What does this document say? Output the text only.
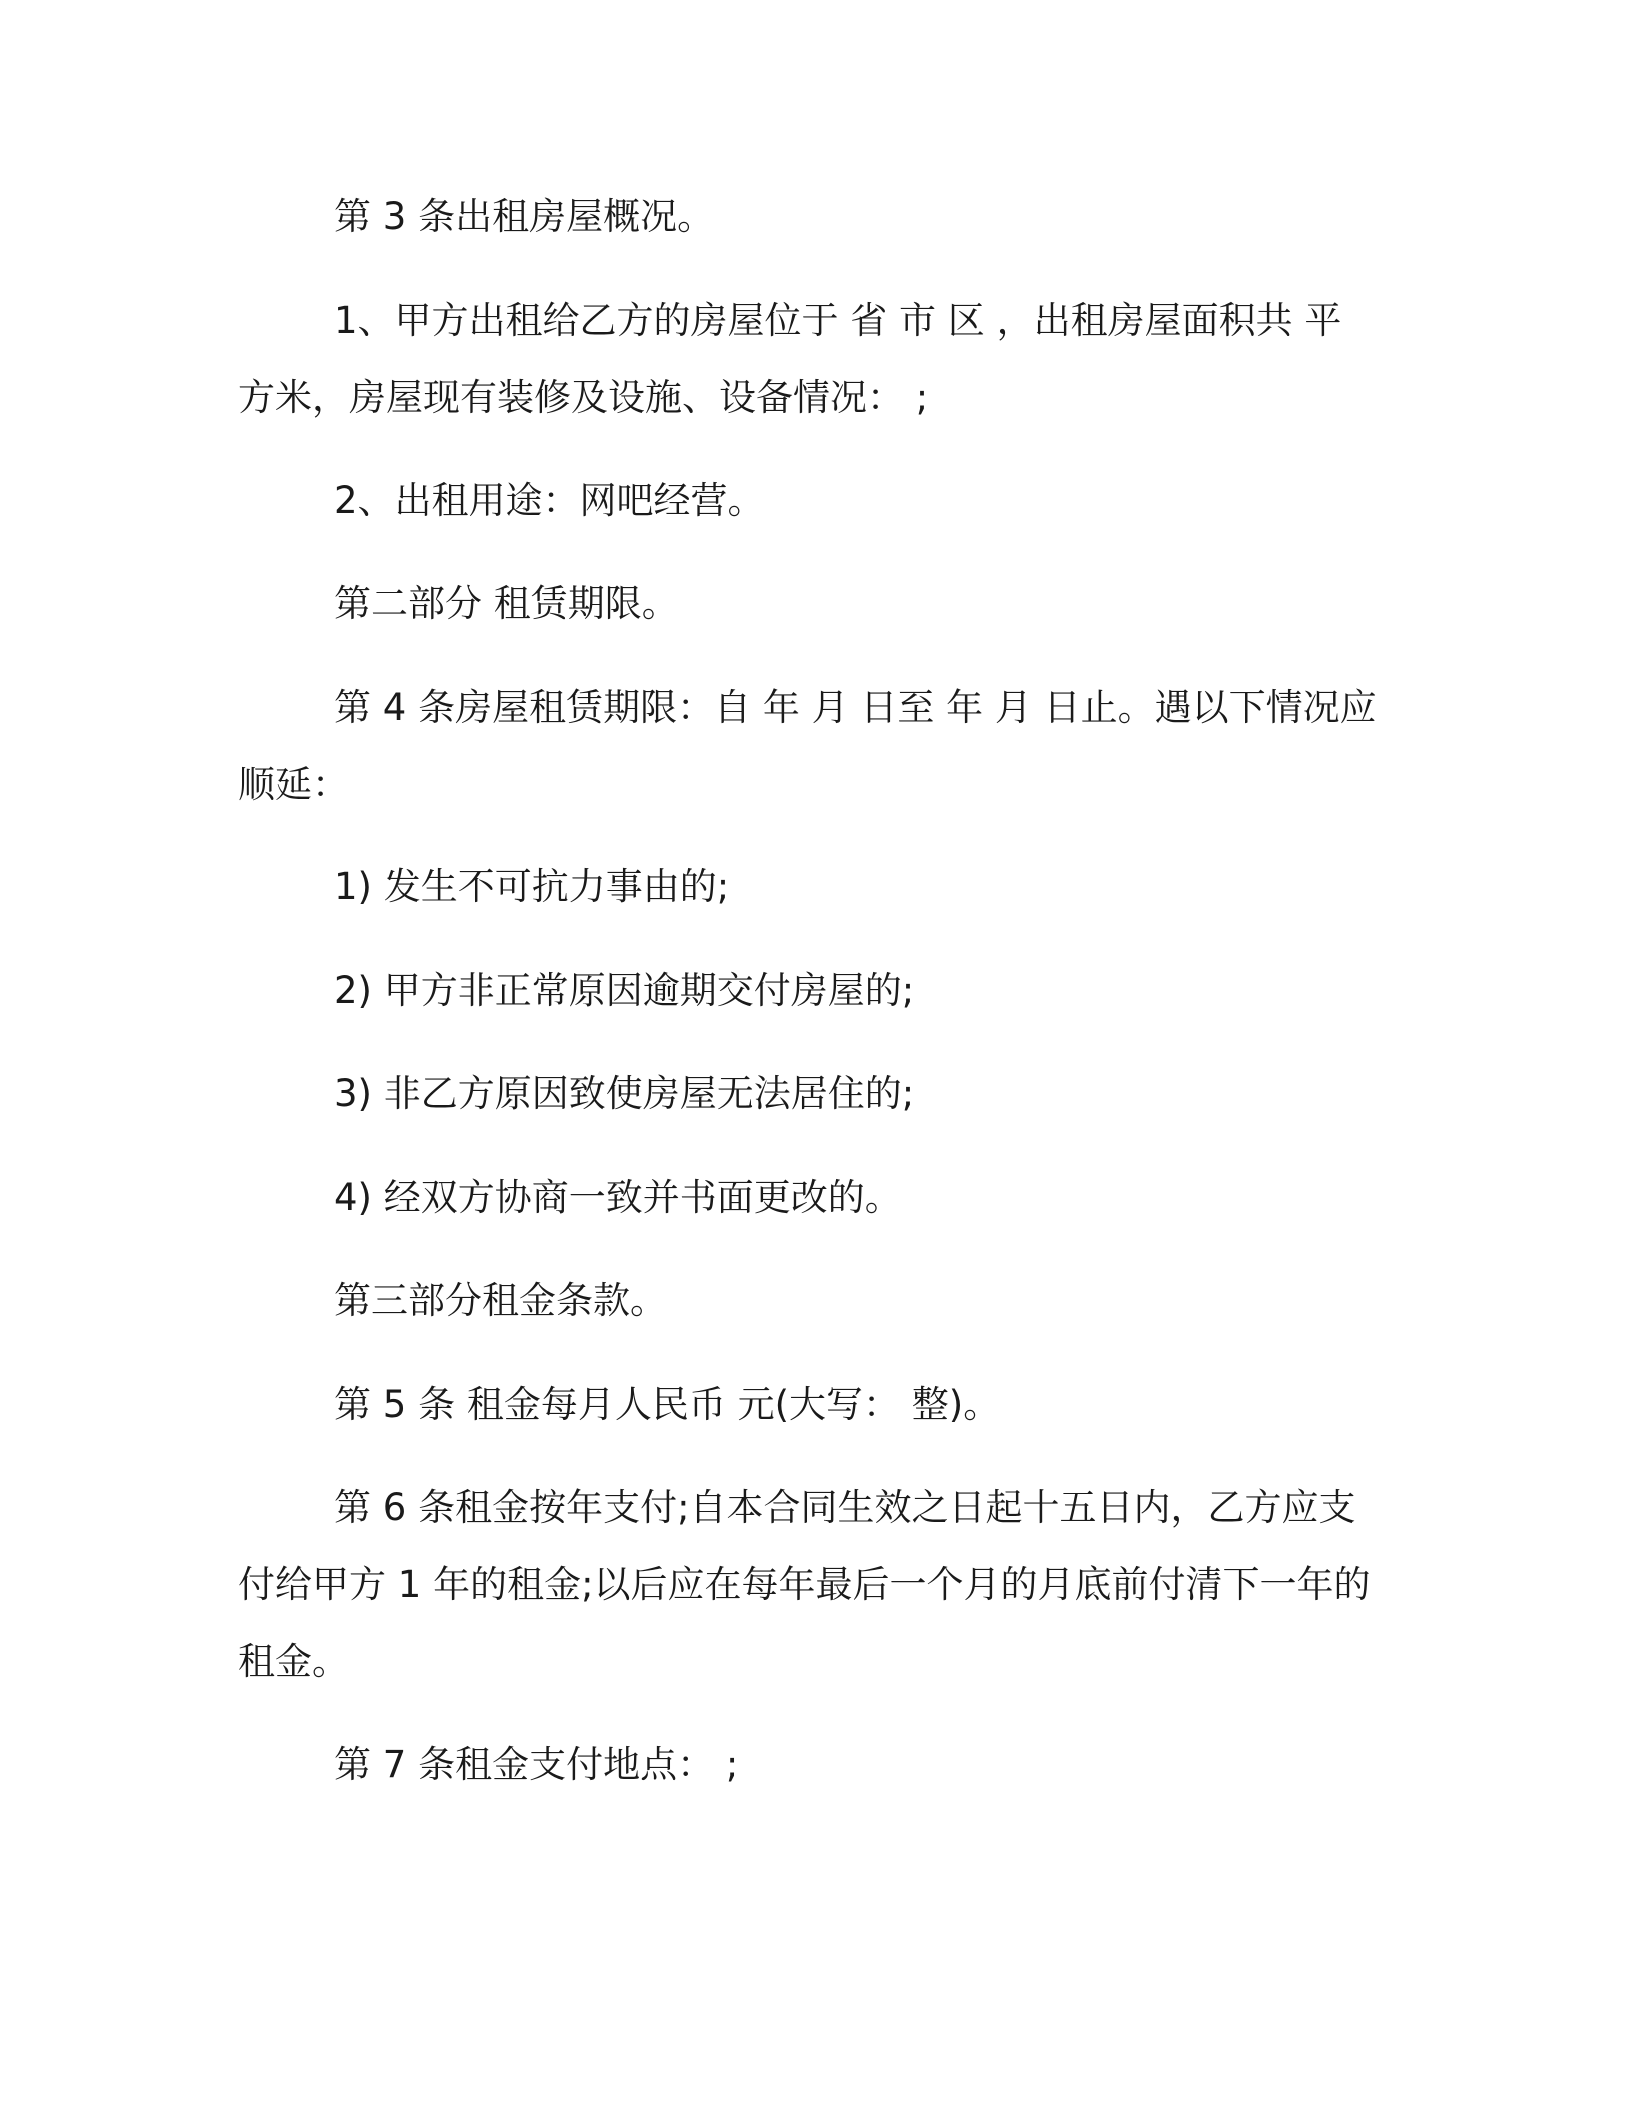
第 3 条出租房屋概况。

1、甲方出租给乙方的房屋位于 省 市 区 ，出租房屋面积共 平方米，房屋现有装修及设施、设备情况： ;

2、出租用途：网吧经营。

第二部分 租赁期限。

第 4 条房屋租赁期限：自 年 月 日至 年 月 日止。遇以下情况应顺延：

1) 发生不可抗力事由的;

2) 甲方非正常原因逾期交付房屋的;

3) 非乙方原因致使房屋无法居住的;

4) 经双方协商一致并书面更改的。

第三部分租金条款。

第 5 条 租金每月人民币 元(大写： 整)。

第 6 条租金按年支付;自本合同生效之日起十五日内，乙方应支付给甲方 1 年的租金;以后应在每年最后一个月的月底前付清下一年的租金。

第 7 条租金支付地点： ;
